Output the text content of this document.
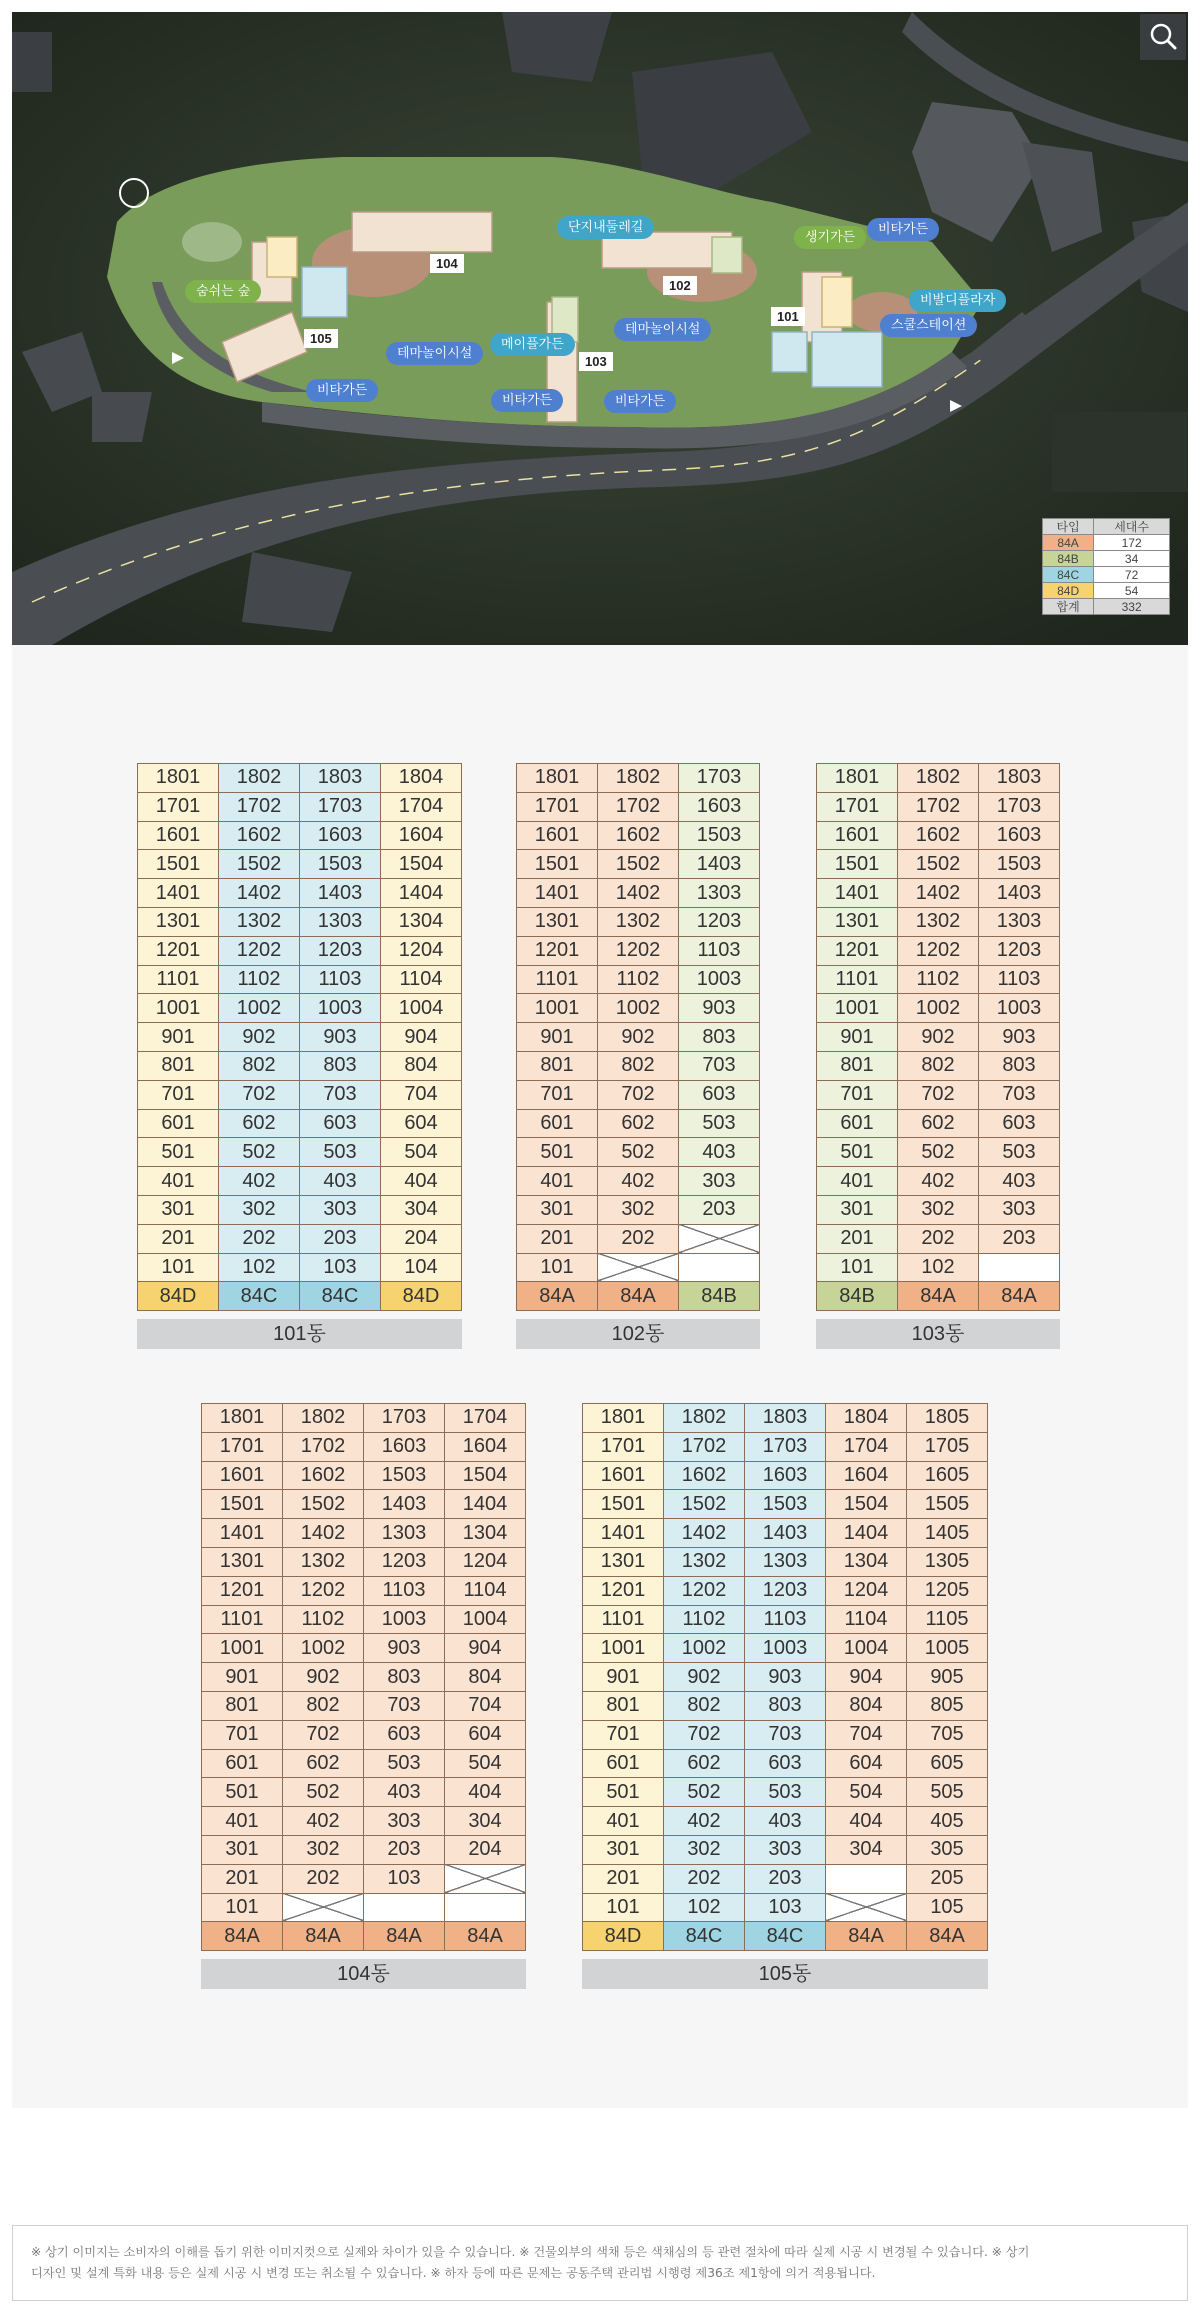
숨쉬는 숲
테마놀이시설
비타가든
메이플가든
비타가든
단지내둘레길
테마놀이시설
비타가든
생기가든
비타가든
비발디플라자
스쿨스테이션
101
102
103
104
105
타입	세대수
84A	172
84B	34
84C	72
84D	54
합계	332
1801	1802	1803	1804
1701	1702	1703	1704
1601	1602	1603	1604
1501	1502	1503	1504
1401	1402	1403	1404
1301	1302	1303	1304
1201	1202	1203	1204
1101	1102	1103	1104
1001	1002	1003	1004
901	902	903	904
801	802	803	804
701	702	703	704
601	602	603	604
501	502	503	504
401	402	403	404
301	302	303	304
201	202	203	204
101	102	103	104
84D	84C	84C	84D
101동
1801	1802	1703
1701	1702	1603
1601	1602	1503
1501	1502	1403
1401	1402	1303
1301	1302	1203
1201	1202	1103
1101	1102	1003
1001	1002	903
901	902	803
801	802	703
701	702	603
601	602	503
501	502	403
401	402	303
301	302	203
201	202	
101		
84A	84A	84B
102동
1801	1802	1803
1701	1702	1703
1601	1602	1603
1501	1502	1503
1401	1402	1403
1301	1302	1303
1201	1202	1203
1101	1102	1103
1001	1002	1003
901	902	903
801	802	803
701	702	703
601	602	603
501	502	503
401	402	403
301	302	303
201	202	203
101	102	
84B	84A	84A
103동
1801	1802	1703	1704
1701	1702	1603	1604
1601	1602	1503	1504
1501	1502	1403	1404
1401	1402	1303	1304
1301	1302	1203	1204
1201	1202	1103	1104
1101	1102	1003	1004
1001	1002	903	904
901	902	803	804
801	802	703	704
701	702	603	604
601	602	503	504
501	502	403	404
401	402	303	304
301	302	203	204
201	202	103	
101			
84A	84A	84A	84A
104동
1801	1802	1803	1804	1805
1701	1702	1703	1704	1705
1601	1602	1603	1604	1605
1501	1502	1503	1504	1505
1401	1402	1403	1404	1405
1301	1302	1303	1304	1305
1201	1202	1203	1204	1205
1101	1102	1103	1104	1105
1001	1002	1003	1004	1005
901	902	903	904	905
801	802	803	804	805
701	702	703	704	705
601	602	603	604	605
501	502	503	504	505
401	402	403	404	405
301	302	303	304	305
201	202	203		205
101	102	103		105
84D	84C	84C	84A	84A
105동
※ 상기 이미지는 소비자의 이해를 돕기 위한 이미지컷으로 실제와 차이가 있을 수 있습니다. ※ 건물외부의 색채 등은 색채심의 등 관련 절차에 따라 실제 시공 시 변경될 수 있습니다. ※ 상기
디자인 및 설계 특화 내용 등은 실제 시공 시 변경 또는 취소될 수 있습니다. ※ 하자 등에 따른 문제는 공동주택 관리법 시행령 제36조 제1항에 의거 적용됩니다.
